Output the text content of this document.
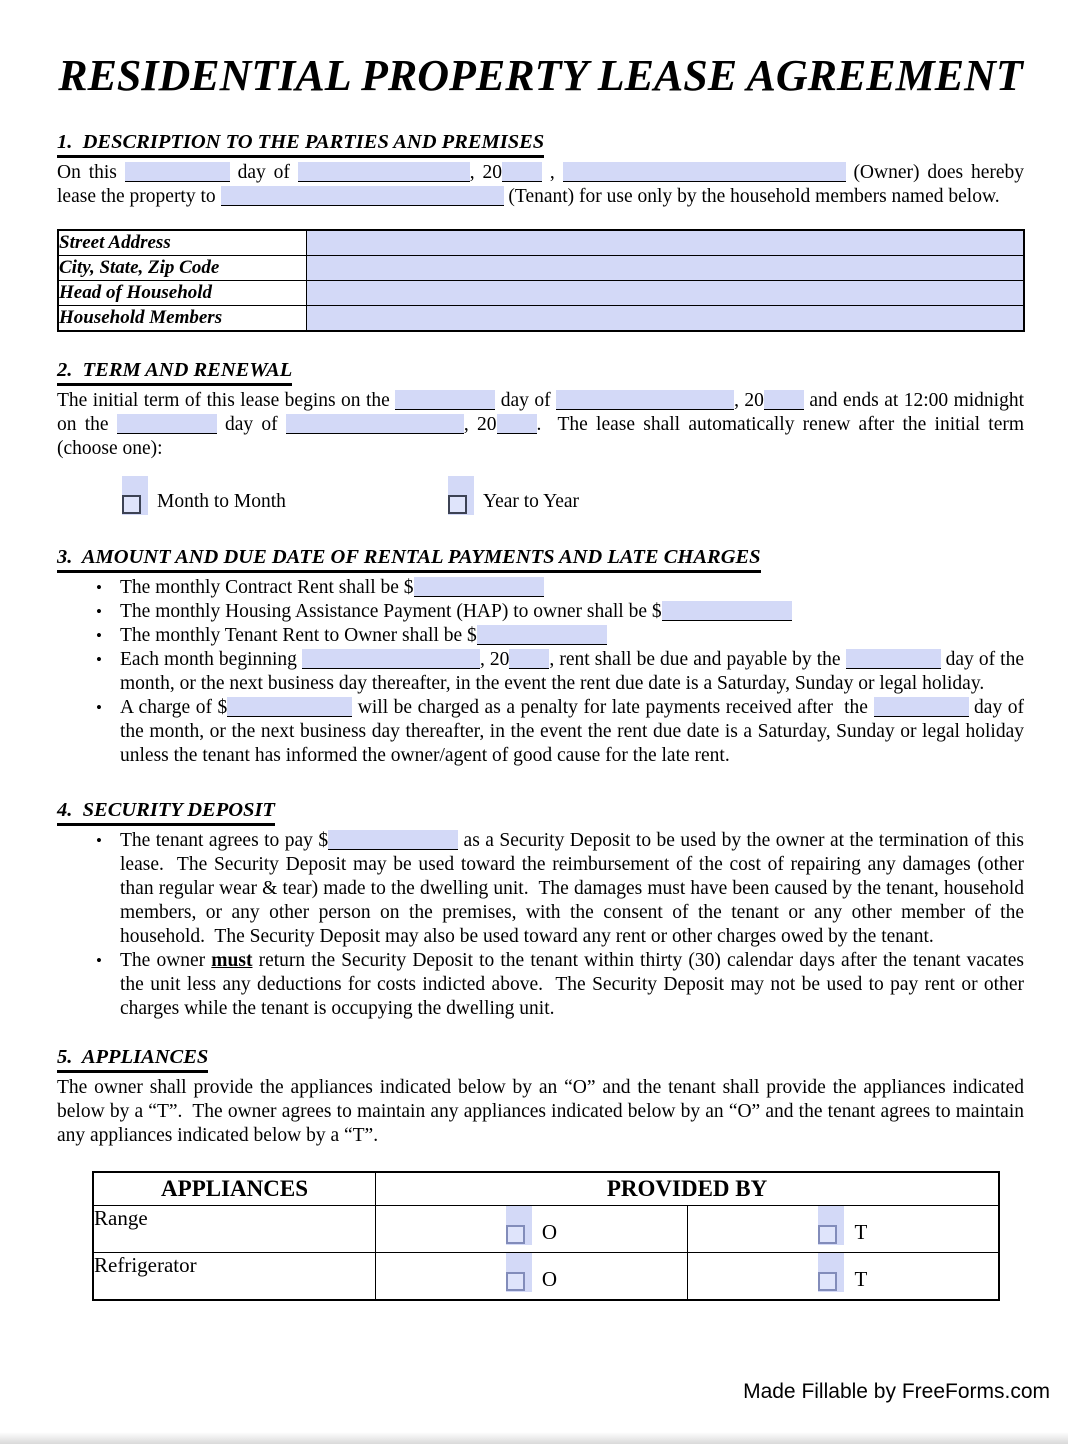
RESIDENTIAL PROPERTY LEASE AGREEMENT
1.  DESCRIPTION TO THE PARTIES AND PREMISES
On this	day of	, 20 ,	(Owner) does hereby lease the property to	(Tenant) for use only by the household members named below.
Street Address	
City, State, Zip Code	
Head of Household	
Household Members	
2.  TERM AND RENEWAL
The initial term of this lease begins on the	day of	, 20 and ends at 12:00 midnight on the	day of	, 20 .  The lease shall automatically renew after the initial term (choose one):
Month to Month	Year to Year
3.  AMOUNT AND DUE DATE OF RENTAL PAYMENTS AND LATE CHARGES
• The monthly Contract Rent shall be $
• The monthly Housing Assistance Payment (HAP) to owner shall be $
• The monthly Tenant Rent to Owner shall be $
• Each month beginning	, 20 , rent shall be due and payable by the	day of the month, or the next business day thereafter, in the event the rent due date is a Saturday, Sunday or legal holiday.
• A charge of $	will be charged as a penalty for late payments received after  the	day of the month, or the next business day thereafter, in the event the rent due date is a Saturday, Sunday or legal holiday unless the tenant has informed the owner/agent of good cause for the late rent.
4.  SECURITY DEPOSIT
• The tenant agrees to pay $	as a Security Deposit to be used by the owner at the termination of this lease.  The Security Deposit may be used toward the reimbursement of the cost of repairing any damages (other than regular wear & tear) made to the dwelling unit.  The damages must have been caused by the tenant, household members, or any other person on the premises, with the consent of the tenant or any other member of the household.  The Security Deposit may also be used toward any rent or other charges owed by the tenant.
• The owner must return the Security Deposit to the tenant within thirty (30) calendar days after the tenant vacates the unit less any deductions for costs indicted above.  The Security Deposit may not be used to pay rent or other charges while the tenant is occupying the dwelling unit.
5.  APPLIANCES
The owner shall provide the appliances indicated below by an “O” and the tenant shall provide the appliances indicated below by a “T”.  The owner agrees to maintain any appliances indicated below by an “O” and the tenant agrees to maintain any appliances indicated below by a “T”.
APPLIANCES	PROVIDED BY	
Range	O	T

Refrigerator	O	T
Made Fillable by FreeForms.com
